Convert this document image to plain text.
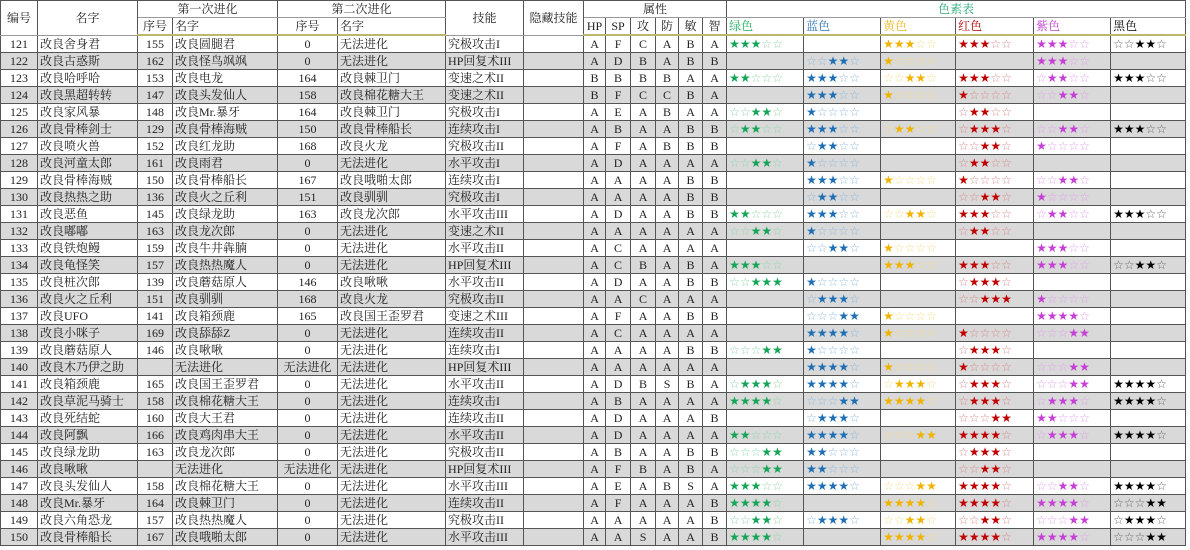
编号	名字	第一次进化		第二次进化		技能	隐藏技能	属性						色素表					
		序号	名字	序号	名字			HP	SP	攻	防	敏	智	绿色	蓝色	黄色	红色	紫色	黑色
121	改良舍身君	155	改良圆腿君	0	无法进化	究极攻击I		A	F	C	A	B	A	★★★☆☆		★★★☆☆	★★★☆☆	★★★☆☆	☆☆★★☆
122	改良古惑斯	162	改良怪鸟飒飒	0	无法进化	HP回复术III		A	D	B	A	B	B		☆☆★★☆	★☆☆☆☆		★★★☆☆	
123	改良哈呼哈	153	改良电龙	164	改良棘卫门	变速之术II		B	B	B	B	A	A	★★☆☆☆	★★★☆☆	☆☆★★☆	★★★☆☆	☆★★☆☆	★★★☆☆
124	改良黑超转转	147	改良头发仙人	158	改良棉花糖大王	变速之术II		B	F	C	C	B	A		★★★☆☆	★☆☆☆☆	★☆☆☆☆	☆☆★★☆	
125	改良家风暴	148	改良Mr.暴牙	164	改良棘卫门	究极攻击I		A	E	A	B	A	A	☆☆★★☆	★☆☆☆☆		☆★★☆☆		
126	改良骨棒剑士	129	改良骨棒海贼	150	改良骨棒船长	连续攻击I		A	B	A	A	B	B	☆★★☆☆	★★★☆☆	☆★★☆☆	☆★★★☆	☆☆★★☆	★★★☆☆
127	改良喷火兽	152	改良红龙助	168	改良火龙	究极攻击II		A	F	A	B	B	B		☆★★☆☆		☆☆★★☆	★☆☆☆☆	
128	改良河童太郎	161	改良雨君	0	无法进化	水平攻击I		A	D	A	A	A	A	☆☆★★☆	★☆☆☆☆		☆★★☆☆		
129	改良骨棒海贼	150	改良骨棒船长	167	改良哦啪太郎	连续攻击I		A	A	A	A	B	B		★★★☆☆	★☆☆☆☆	★☆☆☆☆	☆☆★★☆	
130	改良热热之助	136	改良火之丘利	151	改良驯驯	究极攻击I		A	A	A	A	B	B		☆★★☆☆		☆☆★★☆	★☆☆☆☆	
131	改良恶鱼	145	改良绿龙助	163	改良龙次郎	水平攻击III		A	D	A	A	B	B	★★☆☆☆	★★★☆☆	☆☆★★☆	★★★☆☆	☆★★☆☆	★★★☆☆
132	改良嘟嘟	163	改良龙次郎	0	无法进化	变速之术II		A	A	A	A	A	A	☆☆★★☆	★☆☆☆☆		☆★★☆☆		
133	改良铁炮鳗	159	改良牛井犇腩	0	无法进化	水平攻击II		A	C	A	A	A	A		☆☆★★☆	★☆☆☆☆		★★★☆☆	
134	改良龟怪笑	157	改良热热魔人	0	无法进化	HP回复术III		A	C	B	A	B	A	★★★☆☆		★★★☆☆	★★★☆☆	★★★☆☆	☆☆★★☆
135	改良桩次郎	139	改良蘑菇原人	146	改良啾啾	水平攻击II		A	D	A	A	B	B	☆☆★★★	★☆☆☆☆		☆★★★☆		
136	改良火之丘利	151	改良驯驯	168	改良火龙	究极攻击II		A	A	C	A	A	A		☆★★★☆		☆☆★★★	★☆☆☆☆	
137	改良UFO	141	改良箱颈鹿	165	改良国王歪罗君	变速之术III		A	F	A	A	B	B		☆☆☆★★	★☆☆☆☆		★★★★☆	
138	改良小咪子	169	改良舔舔Z	0	无法进化	连续攻击II		A	C	A	A	A	A		★★★★☆	★☆☆☆☆	★☆☆☆☆	☆☆☆★★	
139	改良蘑菇原人	146	改良啾啾	0	无法进化	连续攻击I		A	A	A	A	B	B	☆☆☆★★	★☆☆☆☆		☆★★★☆		
140	改良木乃伊之助		无法进化	无法进化	无法进化	HP回复术III		A	A	A	A	A	A		★★★★☆	★☆☆☆☆	★☆☆☆☆	☆☆☆★★	
141	改良箱颈鹿	165	改良国王歪罗君	0	无法进化	水平攻击II		A	D	B	S	B	A	☆★★★☆	★★★★☆	☆★★★☆	☆★★★☆	☆☆☆★★	★★★★☆
142	改良草泥马骑士	158	改良棉花糖大王	0	无法进化	连续攻击I		A	B	A	A	A	A	★★★★☆	☆☆☆★★	★★★★☆	☆★★★☆	☆★★★☆	★★★★☆
143	改良死结蛇	160	改良大王君	0	无法进化	连续攻击II		A	D	A	A	A	B		☆★★★☆		☆☆☆★★	★★☆☆☆	
144	改良阿飘	166	改良鸡肉串大王	0	无法进化	水平攻击II		A	D	A	A	A	A	★★☆☆☆	★★★★☆	☆☆☆★★	★★★★☆	☆★★★☆	★★★★☆
145	改良绿龙助	163	改良龙次郎	0	无法进化	究极攻击II		A	B	A	A	B	B	☆☆☆★★	★★☆☆☆		☆★★★☆		
146	改良啾啾		无法进化	无法进化	无法进化	HP回复术III		A	F	B	A	B	A	☆☆☆★★	★★☆☆☆		☆☆★★☆		
147	改良头发仙人	158	改良棉花糖大王	0	无法进化	水平攻击III		A	E	A	B	S	A	★★★☆☆	★★★★☆	☆☆☆★★	★★★★☆	☆☆★★☆	★★★★☆
148	改良Mr.暴牙	164	改良棘卫门	0	无法进化	连续攻击II		A	F	A	A	A	B	★★★★☆		★★★★☆	★★★★☆	★★★★☆	☆☆☆★★
149	改良六角恐龙	157	改良热热魔人	0	无法进化	究极攻击II		A	A	A	A	A	B	☆☆★★☆	☆★★★☆	☆☆★★☆	☆☆★★☆	☆☆☆★★	☆★★★☆
150	改良骨棒船长	167	改良哦啪太郎	0	无法进化	水平攻击III		A	A	S	A	A	B	★★★★☆		★★★★☆	★★★★☆	★★★★☆	☆☆☆★★
